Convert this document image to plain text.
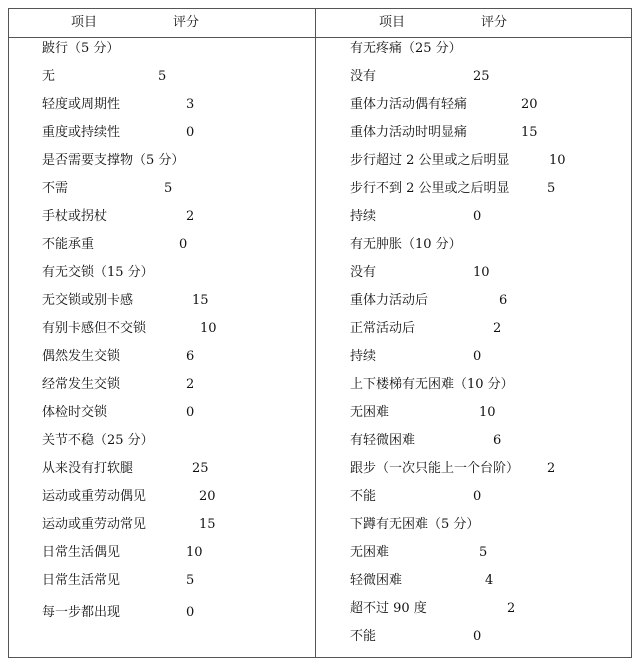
项目	评分	项目	评分
跛行（5 分）
无	5
轻度或周期性	3
重度或持续性	0
是否需要支撑物（5 分）
不需	5
手杖或拐杖	2
不能承重	0
有无交锁（15 分）
无交锁或别卡感	15
有别卡感但不交锁	10
偶然发生交锁	6
经常发生交锁	2
体检时交锁	0
关节不稳（25 分）
从来没有打软腿	25
运动或重劳动偶见	20
运动或重劳动常见	15
日常生活偶见	10
日常生活常见	5
每一步都出现	0
有无疼痛（25 分）
没有	25
重体力活动偶有轻痛	20
重体力活动时明显痛	15
步行超过 2 公里或之后明显	10
步行不到 2 公里或之后明显	5
持续	0
有无肿胀（10 分）
没有	10
重体力活动后	6
正常活动后	2
持续	0
上下楼梯有无困难（10 分）
无困难	10
有轻微困难	6
跟步（一次只能上一个台阶） 2
不能	0
下蹲有无困难（5 分）
无困难	5
轻微困难	4
超不过 90 度	2
不能	0
